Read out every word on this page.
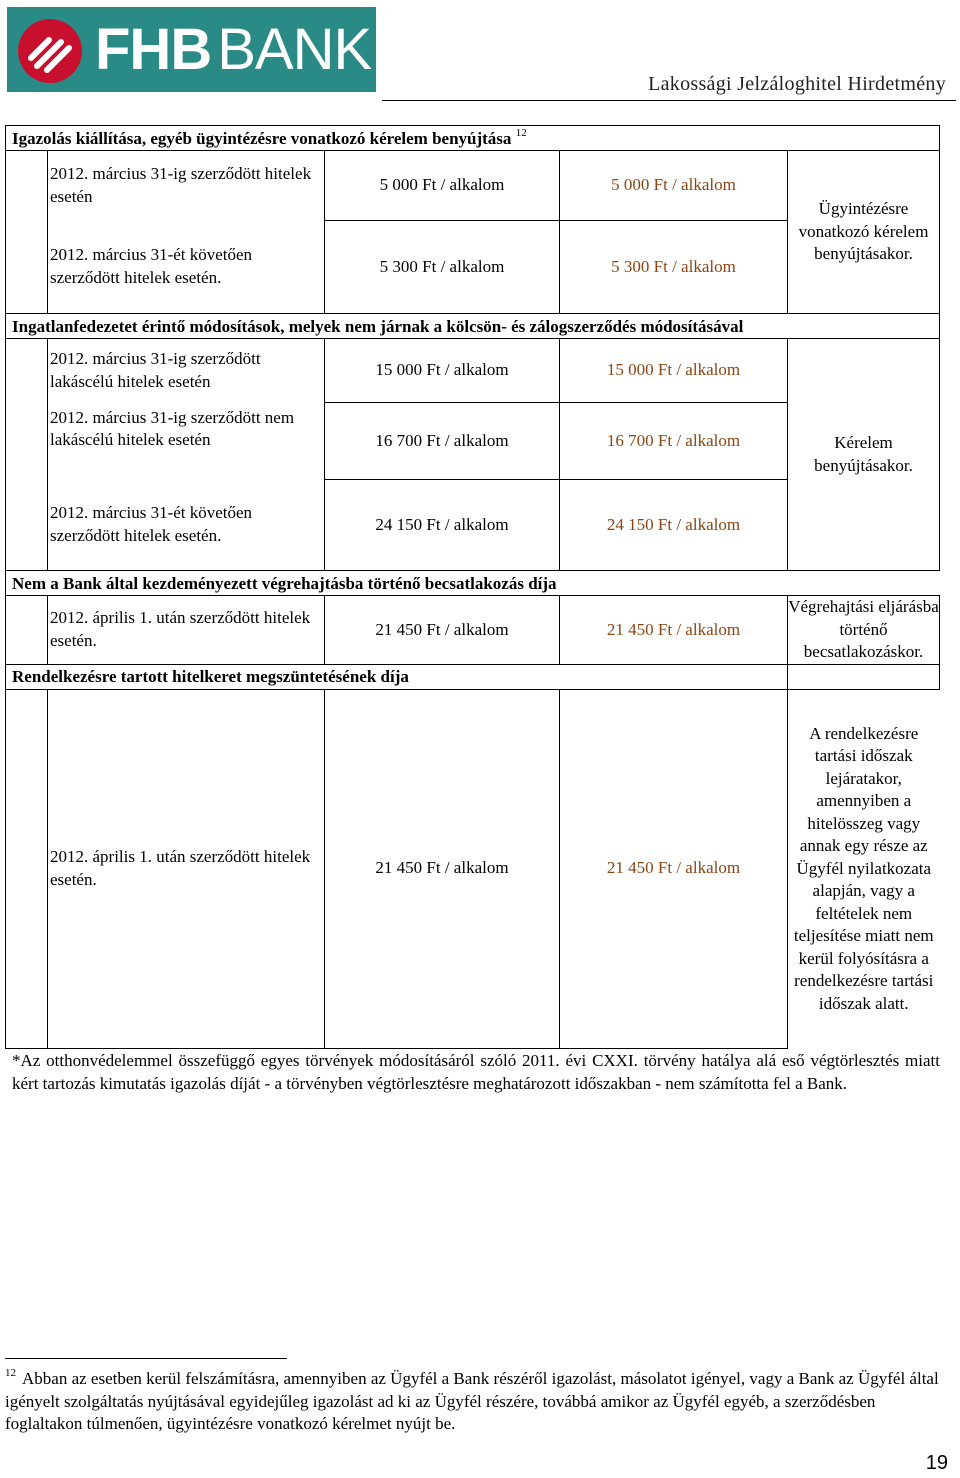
FHB BANK
Lakossági Jelzáloghitel Hirdetmény
Igazolás kiállítása, egyéb ügyintézésre vonatkozó kérelem benyújtása $^{12}$
	2012. március 31-ig szerződött hitelek esetén	5 000 Ft / alkalom	5 000 Ft / alkalom	Ügyintézésre vonatkozó kérelem benyújtásakor.
	2012. március 31-ét követően szerződött hitelek esetén.	5 300 Ft / alkalom	5 300 Ft / alkalom	
Ingatlanfedezetet érintő módosítások, melyek nem járnak a kölcsön- és zálogszerződés módosításával				
	2012. március 31-ig szerződött lakáscélú hitelek esetén	15 000 Ft / alkalom	15 000 Ft / alkalom	Kérelem benyújtásakor.
	2012. március 31-ig szerződött nem lakáscélú hitelek esetén	16 700 Ft / alkalom	16 700 Ft / alkalom	
	2012. március 31-ét követően szerződött hitelek esetén.	24 150 Ft / alkalom	24 150 Ft / alkalom	
Nem a Bank által kezdeményezett végrehajtásba történő becsatlakozás díja				
	2012. április 1. után szerződött hitelek esetén.	21 450 Ft / alkalom	21 450 Ft / alkalom	Végrehajtási eljárásba történő becsatlakozáskor.
Rendelkezésre tartott hitelkeret megszüntetésének díja				
	2012. április 1. után szerződött hitelek esetén.	21 450 Ft / alkalom	21 450 Ft / alkalom	A rendelkezésre tartási időszak lejáratakor, amennyiben a hitelösszeg vagy annak egy része az Ügyfél nyilatkozata alapján, vagy a feltételek nem teljesítése miatt nem kerül folyósításra a rendelkezésre tartási időszak alatt.
*Az otthonvédelemmel összefüggő egyes törvények módosításáról szóló 2011. évi CXXI. törvény hatálya alá eső végtörlesztés miatt kért tartozás kimutatás igazolás díját - a törvényben végtörlesztésre meghatározott időszakban - nem számította fel a Bank.
$^{12}$ Abban az esetben kerül felszámításra, amennyiben az Ügyfél a Bank részéről igazolást, másolatot igényel, vagy a Bank az Ügyfél által igényelt szolgáltatás nyújtásával egyidejűleg igazolást ad ki az Ügyfél részére, továbbá amikor az Ügyfél egyéb, a szerződésben foglaltakon túlmenően, ügyintézésre vonatkozó kérelmet nyújt be.
19
